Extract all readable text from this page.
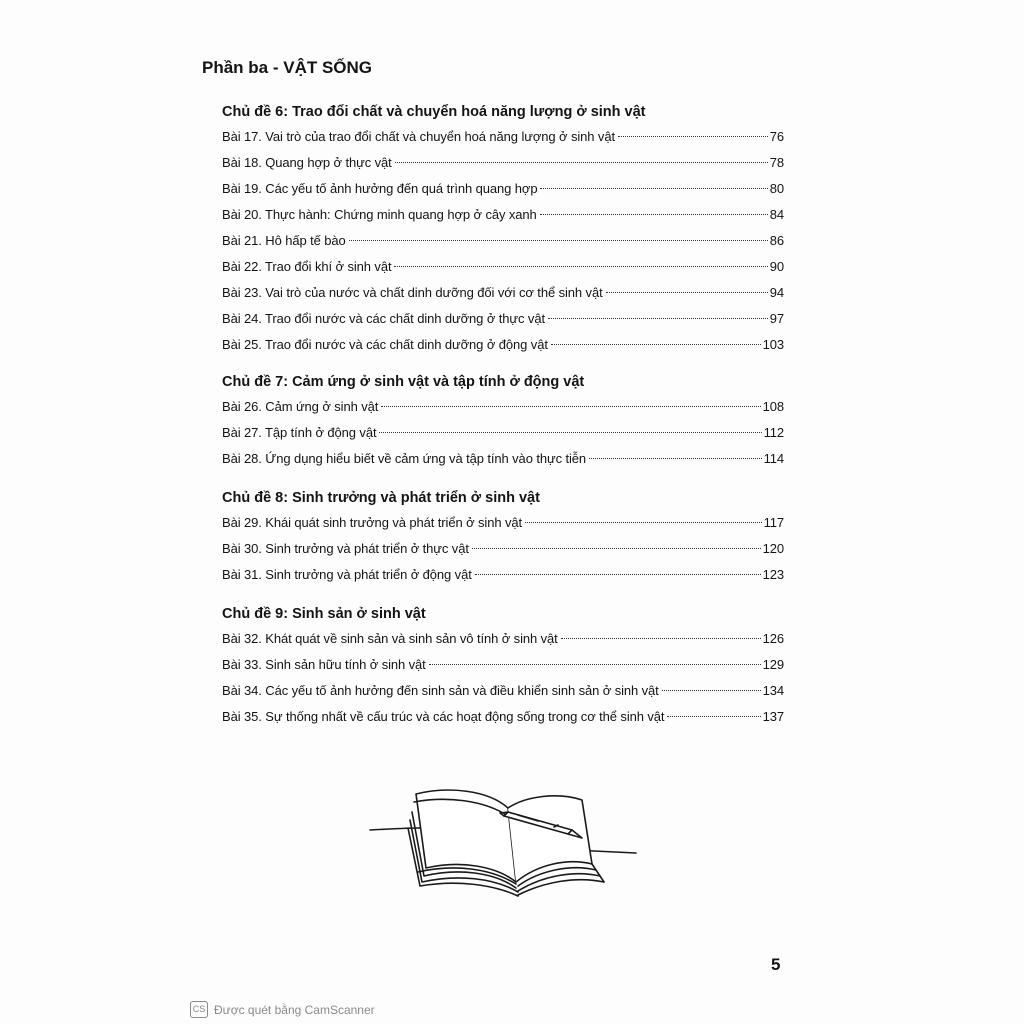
Phần ba - VẬT SỐNG
Chủ đề 6: Trao đổi chất và chuyển hoá năng lượng ở sinh vật
Bài 17. Vai trò của trao đổi chất và chuyển hoá năng lượng ở sinh vật	76
Bài 18. Quang hợp ở thực vật	78
Bài 19. Các yếu tố ảnh hưởng đến quá trình quang hợp	80
Bài 20. Thực hành: Chứng minh quang hợp ở cây xanh	84
Bài 21. Hô hấp tế bào	86
Bài 22. Trao đổi khí ở sinh vật	90
Bài 23. Vai trò của nước và chất dinh dưỡng đối với cơ thể sinh vật	94
Bài 24. Trao đổi nước và các chất dinh dưỡng ở thực vật	97
Bài 25. Trao đổi nước và các chất dinh dưỡng ở động vật	103
Chủ đề 7: Cảm ứng ở sinh vật và tập tính ở động vật
Bài 26. Cảm ứng ở sinh vật	108
Bài 27. Tập tính ở động vật	112
Bài 28. Ứng dụng hiểu biết về cảm ứng và tập tính vào thực tiễn	114
Chủ đề 8: Sinh trưởng và phát triển ở sinh vật
Bài 29. Khái quát sinh trưởng và phát triển ở sinh vật	117
Bài 30. Sinh trưởng và phát triển ở thực vật	120
Bài 31. Sinh trưởng và phát triển ở động vật	123
Chủ đề 9: Sinh sản ở sinh vật
Bài 32. Khát quát về sinh sản và sinh sản vô tính ở sinh vật	126
Bài 33. Sinh sản hữu tính ở sinh vật	129
Bài 34. Các yếu tố ảnh hưởng đến sinh sản và điều khiển sinh sản ở sinh vật	134
Bài 35. Sự thống nhất về cấu trúc và các hoạt động sống trong cơ thể sinh vật	137
5
CS Được quét bằng CamScanner
